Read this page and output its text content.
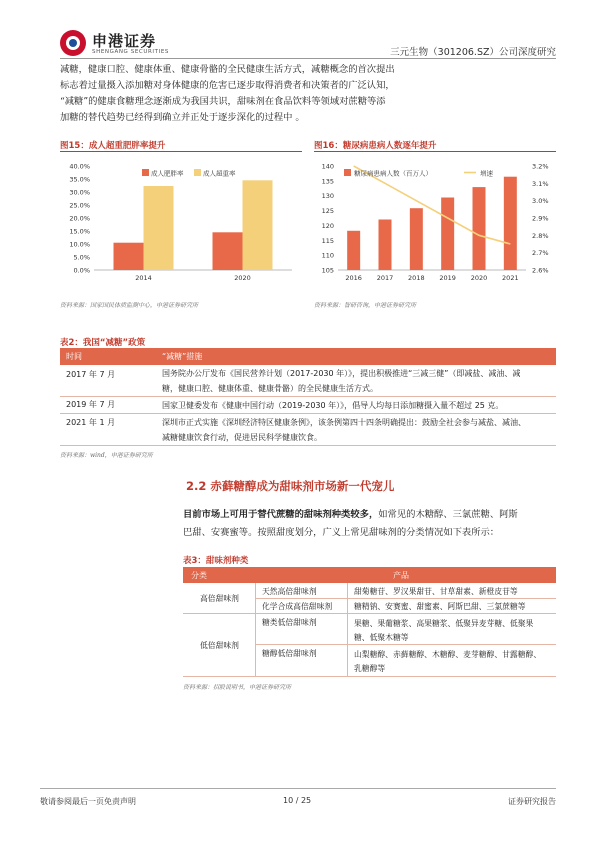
申港证券
SHENGANG SECURITIES	三元生物（301206.SZ）公司深度研究
减糖，健康口腔、健康体重、健康骨骼的全民健康生活方式，减糖概念的首次提出
标志着过量摄入添加糖对身体健康的危害已逐步取得消费者和决策者的广泛认知，
“减糖”的健康食糖理念逐渐成为我国共识，甜味剂在食品饮料等领域对蔗糖等添
加糖的替代趋势已经得到确立并正处于逐步深化的过程中 。
图15：成人超重肥胖率提升
0.0%
5.0%
10.0%
15.0%
20.0%
25.0%
30.0%
35.0%
40.0%
2014	2020
成人肥胖率	成人超重率
资料来源：国家国民体质监测中心，申港证券研究所
图16：糖尿病患病人数逐年提升
105
110
115
120
125
130
135
140
2.6%
2.7%
2.8%
2.9%
3.0%
3.1%
3.2%
2016 2017 2018 2019 2020 2021
糖尿病患病人数（百万人）	增速
资料来源：智研咨询，申港证券研究所
表2：我国“减糖”政策
时间	“减糖”措施
2017 年 7 月	国务院办公厅发布《国民营养计划（2017-2030 年）》，提出积极推进“三减三健”（即减盐、减油、减
糖，健康口腔、健康体重、健康骨骼）的全民健康生活方式。
2019 年 7 月	国家卫健委发布《健康中国行动（2019-2030 年）》，倡导人均每日添加糖摄入量不超过 25 克。
2021 年 1 月	深圳市正式实施《深圳经济特区健康条例》，该条例第四十四条明确提出：鼓励全社会参与减盐、减油、
减糖健康饮食行动，促进居民科学健康饮食。
资料来源：wind，申港证券研究所
2.2 赤藓糖醇成为甜味剂市场新一代宠儿
目前市场上可用于替代蔗糖的甜味剂种类较多，如常见的木糖醇、三氯蔗糖、阿斯
巴甜、安赛蜜等。按照甜度划分，广义上常见甜味剂的分类情况如下表所示：
表3：甜味剂种类
分类	产品
高倍甜味剂
天然高倍甜味剂	甜菊糖苷、罗汉果甜苷、甘草甜素、新橙皮苷等
化学合成高倍甜味剂	糖精钠、安赛蜜、甜蜜素、阿斯巴甜、三氯蔗糖等
低倍甜味剂
糖类低倍甜味剂	果糖、果葡糖浆、高果糖浆、低聚异麦芽糖、低聚果
糖、低聚木糖等
糖醇低倍甜味剂	山梨糖醇、赤藓糖醇、木糖醇、麦芽糖醇、甘露糖醇、
乳糖醇等
资料来源：招股说明书，申港证券研究所
敬请参阅最后一页免责声明	10 / 25	证券研究报告
